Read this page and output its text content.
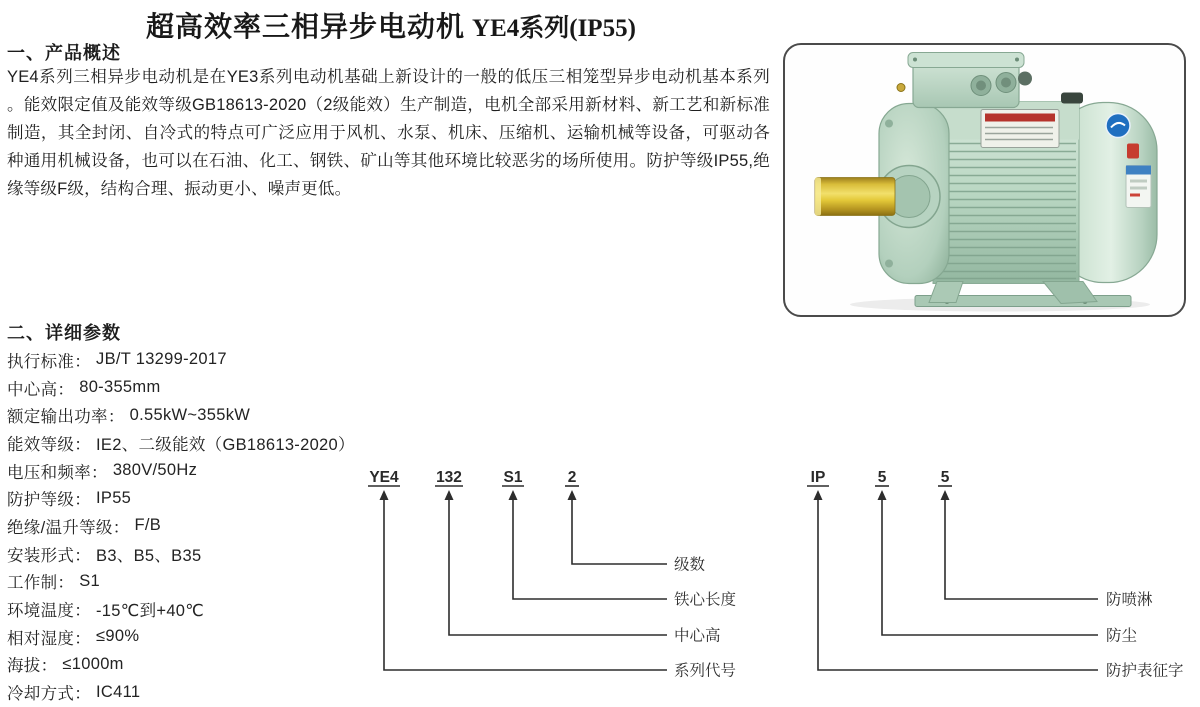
超高效率三相异步电动机 YE4系列(IP55)
一、产品概述
YE4系列三相异步电动机是在YE3系列电动机基础上新设计的一般的低压三相笼型异步电动机基本系列。能效限定值及能效等级GB18613-2020（2级能效）生产制造，电机全部采用新材料、新工艺和新标准制造，其全封闭、自冷式的特点可广泛应用于风机、水泵、机床、压缩机、运输机械等设备，可驱动各种通用机械设备，也可以在石油、化工、钢铁、矿山等其他环境比较恶劣的场所使用。防护等级IP55,绝缘等级F级，结构合理、振动更小、噪声更低。
二、详细参数
执行标准 ： JB/T 13299-2017
中心高 ： 80-355mm
额定输出功率 ： 0.55kW~355kW
能效等级 ： IE2、二级能效（GB18613-2020）
电压和频率 ： 380V/50Hz
防护等级 ： IP55
绝缘/温升等级 ： F/B
安装形式 ： B3、B5、B35
工作制 ： S1
环境温度 ： -15℃到+40℃
相对湿度 ： ≤90%
海拔 ： ≤1000m
冷却方式 ： IC411
YE4
系列代号
132
中心高
S1
铁心长度
2
级数
IP
防护表征字
5
防尘
5
防喷淋
